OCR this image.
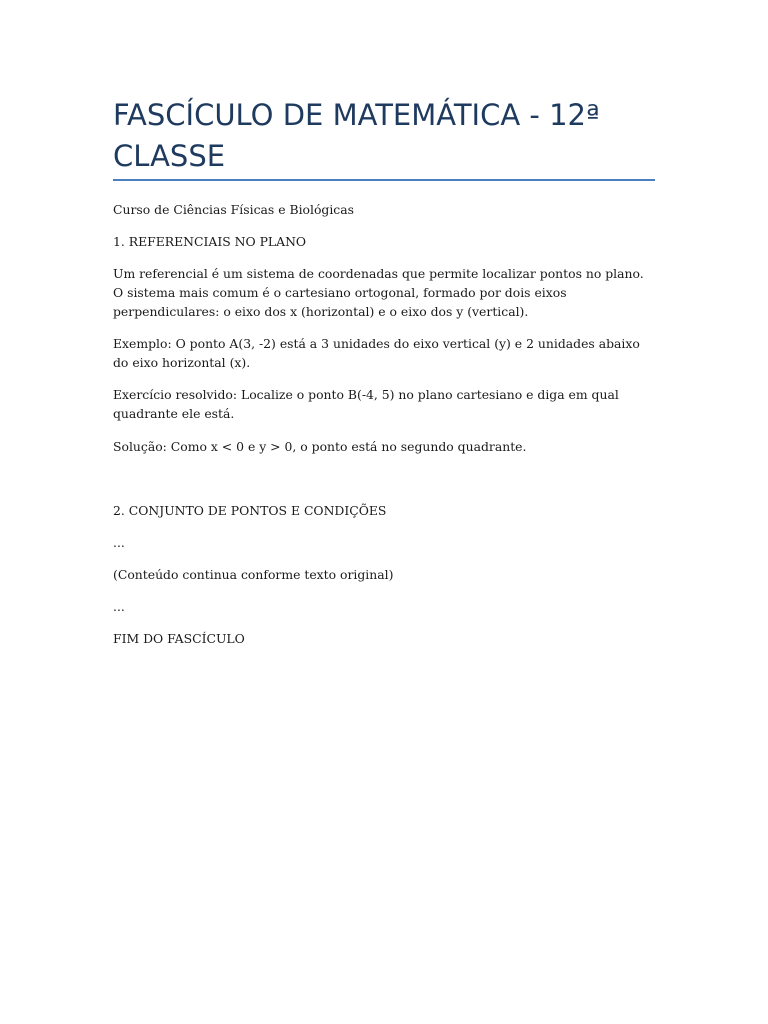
FASCÍCULO DE MATEMÁTICA - 12ª CLASSE

Curso de Ciências Físicas e Biológicas

1. REFERENCIAIS NO PLANO

Um referencial é um sistema de coordenadas que permite localizar pontos no plano. O sistema mais comum é o cartesiano ortogonal, formado por dois eixos perpendiculares: o eixo dos x (horizontal) e o eixo dos y (vertical).

Exemplo: O ponto A(3, -2) está a 3 unidades do eixo vertical (y) e 2 unidades abaixo do eixo horizontal (x).

Exercício resolvido: Localize o ponto B(-4, 5) no plano cartesiano e diga em qual quadrante ele está.

Solução: Como x < 0 e y > 0, o ponto está no segundo quadrante.

2. CONJUNTO DE PONTOS E CONDIÇÕES

...

(Conteúdo continua conforme texto original)

...

FIM DO FASCÍCULO
